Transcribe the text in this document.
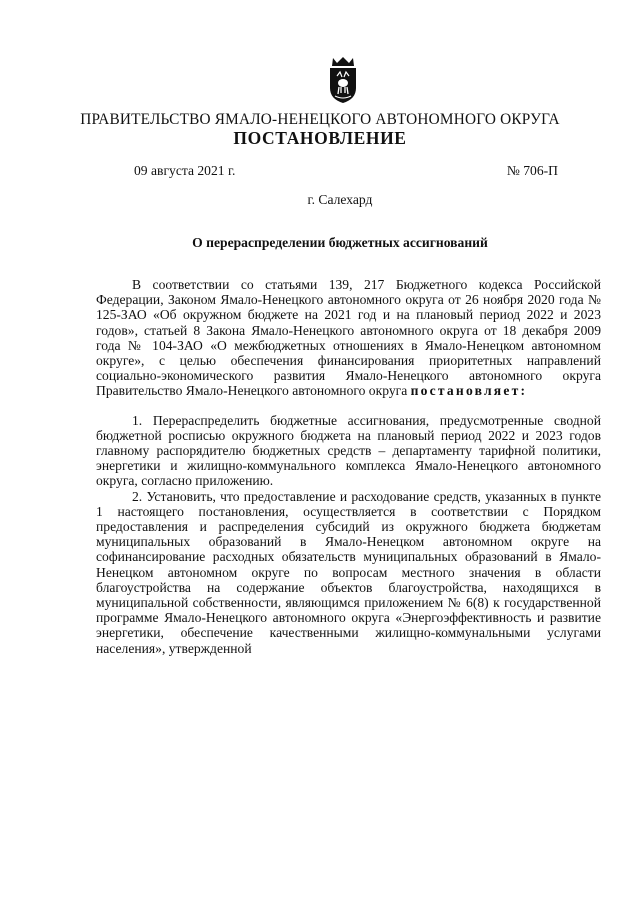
ПРАВИТЕЛЬСТВО ЯМАЛО-НЕНЕЦКОГО АВТОНОМНОГО ОКРУГА
ПОСТАНОВЛЕНИЕ
09 августа 2021 г.	№ 706-П
г. Салехард
О перераспределении бюджетных ассигнований

В соответствии со статьями 139, 217 Бюджетного кодекса Российской Федерации, Законом Ямало-Ненецкого автономного округа от 26 ноября 2020 года № 125-ЗАО «Об окружном бюджете на 2021 год и на плановый период 2022 и 2023 годов», статьей 8 Закона Ямало-Ненецкого автономного округа от 18 декабря 2009 года № 104-ЗАО «О межбюджетных отношениях в Ямало-Ненецком автономном округе», с целью обеспечения финансирования приоритетных направлений социально-экономического развития Ямало-Ненецкого автономного округа Правительство Ямало-Ненецкого автономного округа постановляет:

1. Перераспределить бюджетные ассигнования, предусмотренные сводной бюджетной росписью окружного бюджета на плановый период 2022 и 2023 годов главному распорядителю бюджетных средств – департаменту тарифной политики, энергетики и жилищно-коммунального комплекса Ямало-Ненецкого автономного округа, согласно приложению.

2. Установить, что предоставление и расходование средств, указанных в пункте 1 настоящего постановления, осуществляется в соответствии с Порядком предоставления и распределения субсидий из окружного бюджета бюджетам муниципальных образований в Ямало-Ненецком автономном округе на софинансирование расходных обязательств муниципальных образований в Ямало-Ненецком автономном округе по вопросам местного значения в области благоустройства на содержание объектов благоустройства, находящихся в муниципальной собственности, являющимся приложением № 6(8) к государственной программе Ямало-Ненецкого автономного округа «Энергоэффективность и развитие энергетики, обеспечение качественными жилищно-коммунальными услугами населения», утвержденной
